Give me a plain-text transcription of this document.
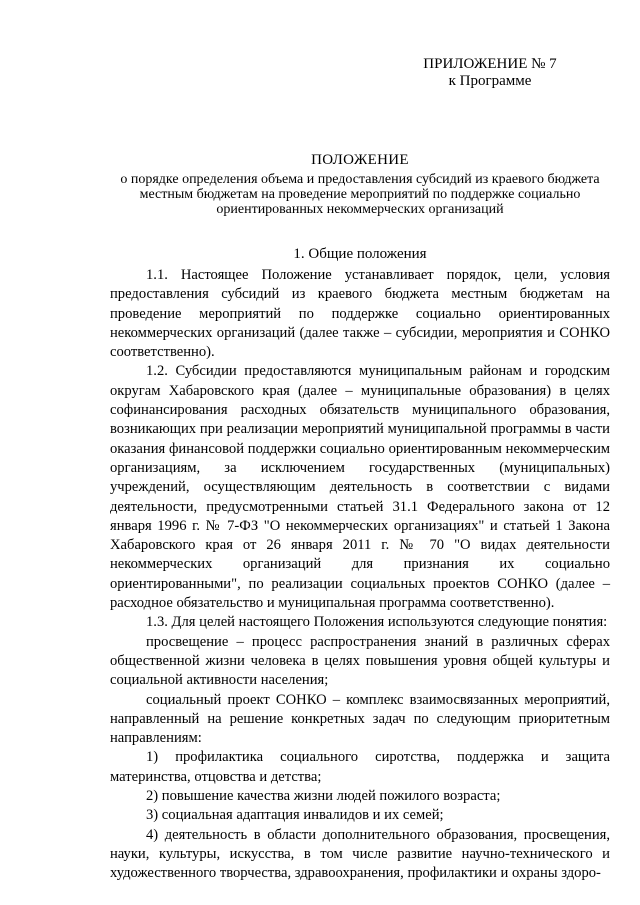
ПРИЛОЖЕНИЕ № 7
к Программе
ПОЛОЖЕНИЕ
о порядке определения объема и предоставления субсидий из краевого бюджета местным бюджетам на проведение мероприятий по поддержке социально ориентированных некоммерческих организаций
1. Общие положения

1.1. Настоящее Положение устанавливает порядок, цели, условия предоставления субсидий из краевого бюджета местным бюджетам на проведение мероприятий по поддержке социально ориентированных некоммерческих организаций (далее также – субсидии, мероприятия и СОНКО соответственно).

1.2. Субсидии предоставляются муниципальным районам и городским округам Хабаровского края (далее – муниципальные образования) в целях софинансирования расходных обязательств муниципального образования, возникающих при реализации мероприятий муниципальной программы в части оказания финансовой поддержки социально ориентированным некоммерческим организациям, за исключением государственных (муниципальных) учреждений, осуществляющим деятельность в соответствии с видами деятельности, предусмотренными статьей 31.1 Федерального закона от 12 января 1996 г. № 7-ФЗ "О некоммерческих организациях" и статьей 1 Закона Хабаровского края от 26 января 2011 г. № 70 "О видах деятельности некоммерческих организаций для признания их социально ориентированными", по реализации социальных проектов СОНКО (далее – расходное обязательство и муниципальная программа соответственно).

1.3. Для целей настоящего Положения используются следующие понятия:

просвещение – процесс распространения знаний в различных сферах общественной жизни человека в целях повышения уровня общей культуры и социальной активности населения;

социальный проект СОНКО – комплекс взаимосвязанных мероприятий, направленный на решение конкретных задач по следующим приоритетным направлениям:

1) профилактика социального сиротства, поддержка и защита материнства, отцовства и детства;

2) повышение качества жизни людей пожилого возраста;

3) социальная адаптация инвалидов и их семей;

4) деятельность в области дополнительного образования, просвещения, науки, культуры, искусства, в том числе развитие научно-технического и художественного творчества, здравоохранения, профилактики и охраны здоро-
